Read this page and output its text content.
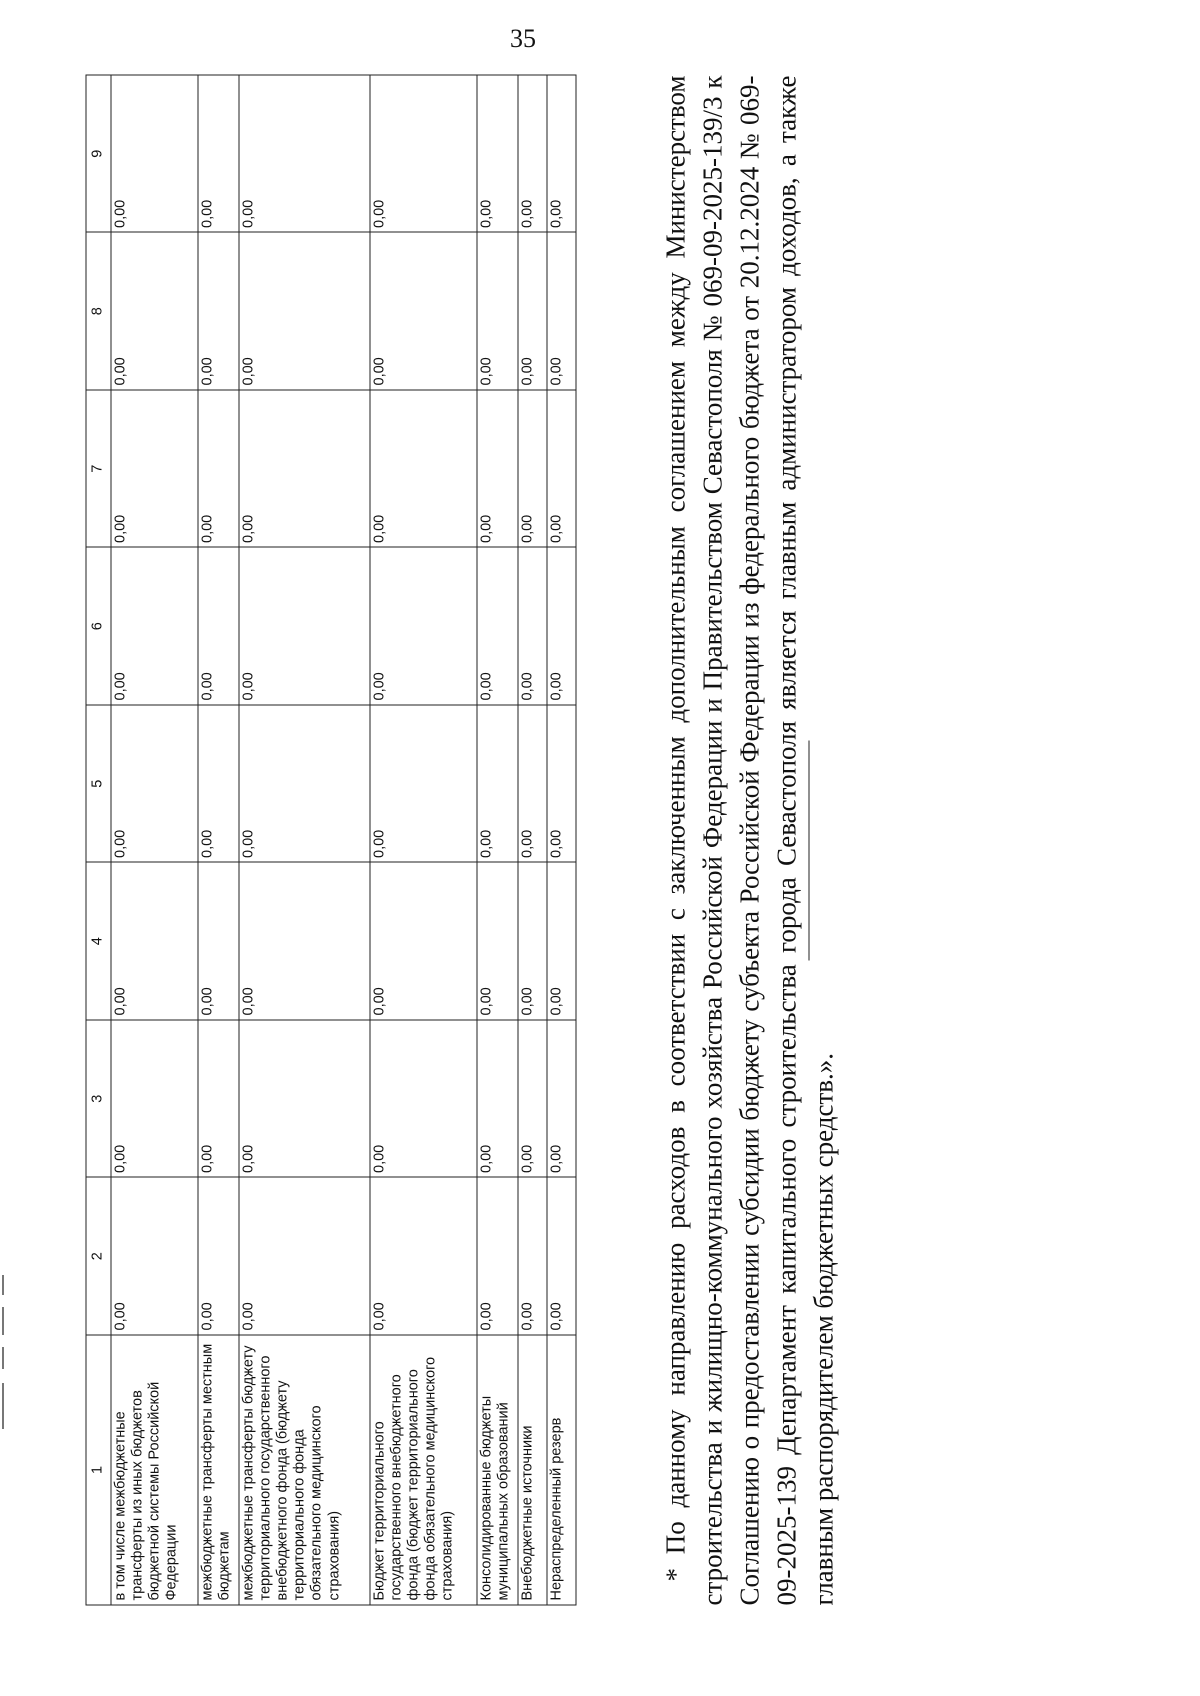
35
1	2	3	4	5	6	7	8	9
в том числе межбюджетные трансферты из иных бюджетов бюджетной системы Российской Федерации	0,00	0,00	0,00	0,00	0,00	0,00	0,00	0,00
межбюджетные трансферты местным бюджетам	0,00	0,00	0,00	0,00	0,00	0,00	0,00	0,00
межбюджетные трансферты бюджету территориального государственного внебюджетного фонда (бюджету территориального фонда обязательного медицинского страхования)	0,00	0,00	0,00	0,00	0,00	0,00	0,00	0,00
Бюджет территориального государственного внебюджетного фонда (бюджет территориального фонда обязательного медицинского страхования)	0,00	0,00	0,00	0,00	0,00	0,00	0,00	0,00
Консолидированные бюджеты муниципальных образований	0,00	0,00	0,00	0,00	0,00	0,00	0,00	0,00
Внебюджетные источники	0,00	0,00	0,00	0,00	0,00	0,00	0,00	0,00
Нераспределенный резерв	0,00	0,00	0,00	0,00	0,00	0,00	0,00	0,00	* По данному направлению расходов в соответствии с заключенным дополнительным соглашением между Министерством строительства и жилищно-коммунального хозяйства Российской Федерации и Правительством Севастополя № 069-09-2025-139/3 к Соглашению о предоставлении субсидии бюджету субъекта Российской Федерации из федерального бюджета от 20.12.2024 № 069-09-2025-139 Департамент капитального строительства города Севастополя является главным администратором доходов, а также главным распорядителем бюджетных средств.».
